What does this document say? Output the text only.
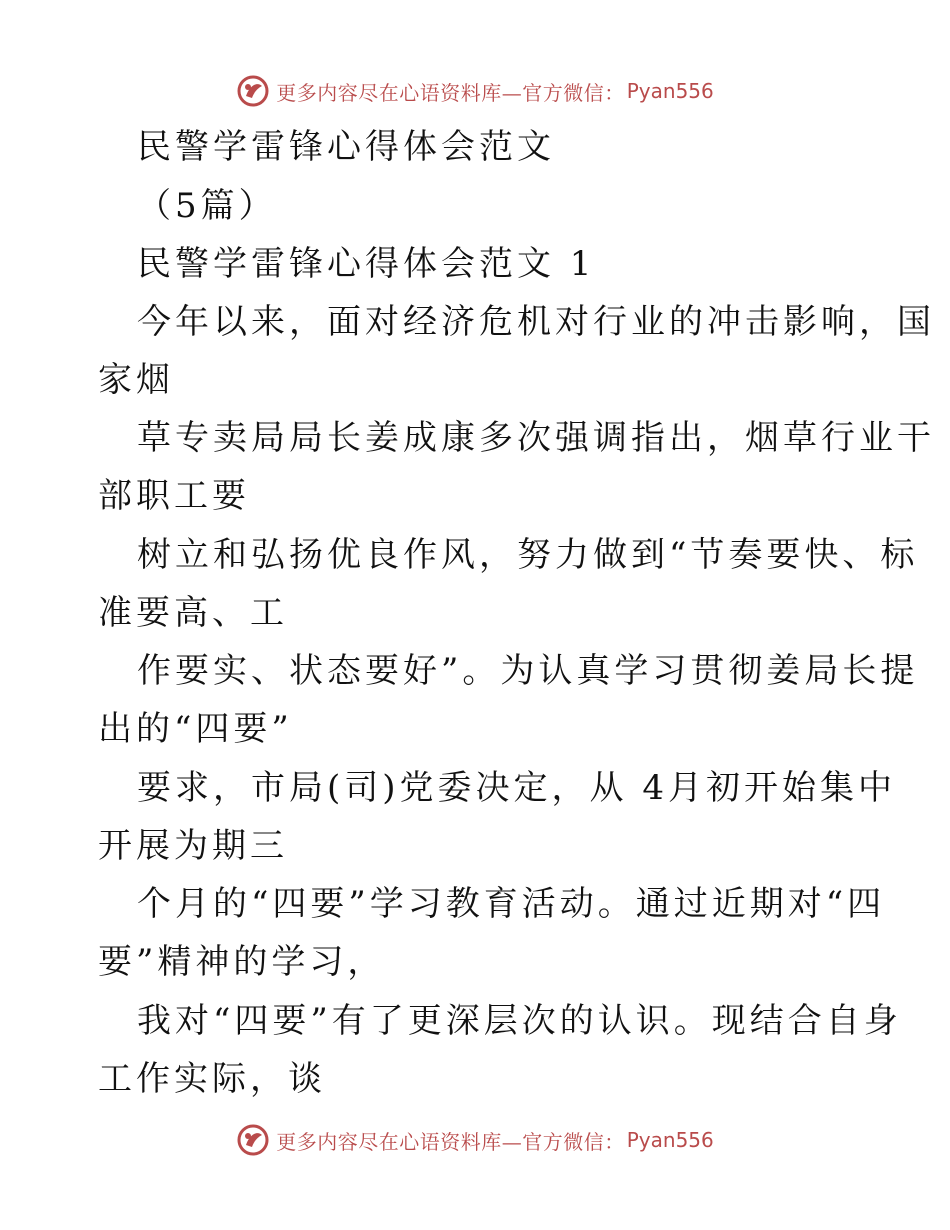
更多内容尽在心语资料库—官方微信： Pyan556
民警学雷锋心得体会范文
（5篇）
民警学雷锋心得体会范文 1
今年以来，面对经济危机对行业的冲击影响，国
家烟
草专卖局局长姜成康多次强调指出，烟草行业干
部职工要
树立和弘扬优良作风，努力做到“节奏要快、标
准要高、工
作要实、状态要好”。为认真学习贯彻姜局长提
出的“四要”
要求，市局(司)党委决定，从 4月初开始集中
开展为期三
个月的“四要”学习教育活动。通过近期对“四
要”精神的学习，
我对“四要”有了更深层次的认识。现结合自身
工作实际，谈
更多内容尽在心语资料库—官方微信： Pyan556
